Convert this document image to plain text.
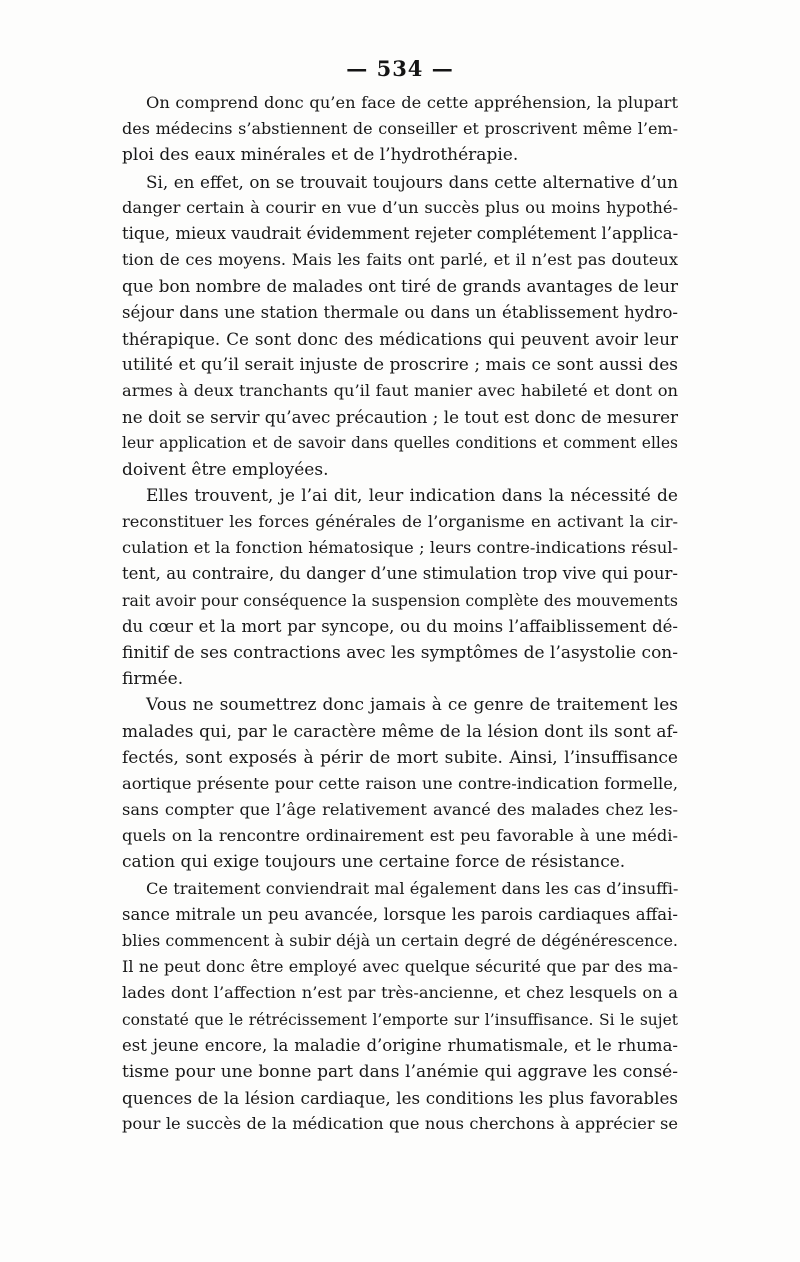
— 534 —
On comprend donc qu’en face de cette appréhension, la plupart
des médecins s’abstiennent de conseiller et proscrivent même l’em-
ploi des eaux minérales et de l’hydrothérapie.
Si, en effet, on se trouvait toujours dans cette alternative d’un
danger certain à courir en vue d’un succès plus ou moins hypothé-
tique, mieux vaudrait évidemment rejeter complétement l’applica-
tion de ces moyens. Mais les faits ont parlé, et il n’est pas douteux
que bon nombre de malades ont tiré de grands avantages de leur
séjour dans une station thermale ou dans un établissement hydro-
thérapique. Ce sont donc des médications qui peuvent avoir leur
utilité et qu’il serait injuste de proscrire ; mais ce sont aussi des
armes à deux tranchants qu’il faut manier avec habileté et dont on
ne doit se servir qu’avec précaution ; le tout est donc de mesurer
leur application et de savoir dans quelles conditions et comment elles
doivent être employées.
Elles trouvent, je l’ai dit, leur indication dans la nécessité de
reconstituer les forces générales de l’organisme en activant la cir-
culation et la fonction hématosique ; leurs contre-indications résul-
tent, au contraire, du danger d’une stimulation trop vive qui pour-
rait avoir pour conséquence la suspension complète des mouvements
du cœur et la mort par syncope, ou du moins l’affaiblissement dé-
finitif de ses contractions avec les symptômes de l’asystolie con-
firmée.
Vous ne soumettrez donc jamais à ce genre de traitement les
malades qui, par le caractère même de la lésion dont ils sont af-
fectés, sont exposés à périr de mort subite. Ainsi, l’insuffisance
aortique présente pour cette raison une contre-indication formelle,
sans compter que l’âge relativement avancé des malades chez les-
quels on la rencontre ordinairement est peu favorable à une médi-
cation qui exige toujours une certaine force de résistance.
Ce traitement conviendrait mal également dans les cas d’insuffi-
sance mitrale un peu avancée, lorsque les parois cardiaques affai-
blies commencent à subir déjà un certain degré de dégénérescence.
Il ne peut donc être employé avec quelque sécurité que par des ma-
lades dont l’affection n’est par très-ancienne, et chez lesquels on a
constaté que le rétrécissement l’emporte sur l’insuffisance. Si le sujet
est jeune encore, la maladie d’origine rhumatismale, et le rhuma-
tisme pour une bonne part dans l’anémie qui aggrave les consé-
quences de la lésion cardiaque, les conditions les plus favorables
pour le succès de la médication que nous cherchons à apprécier se
